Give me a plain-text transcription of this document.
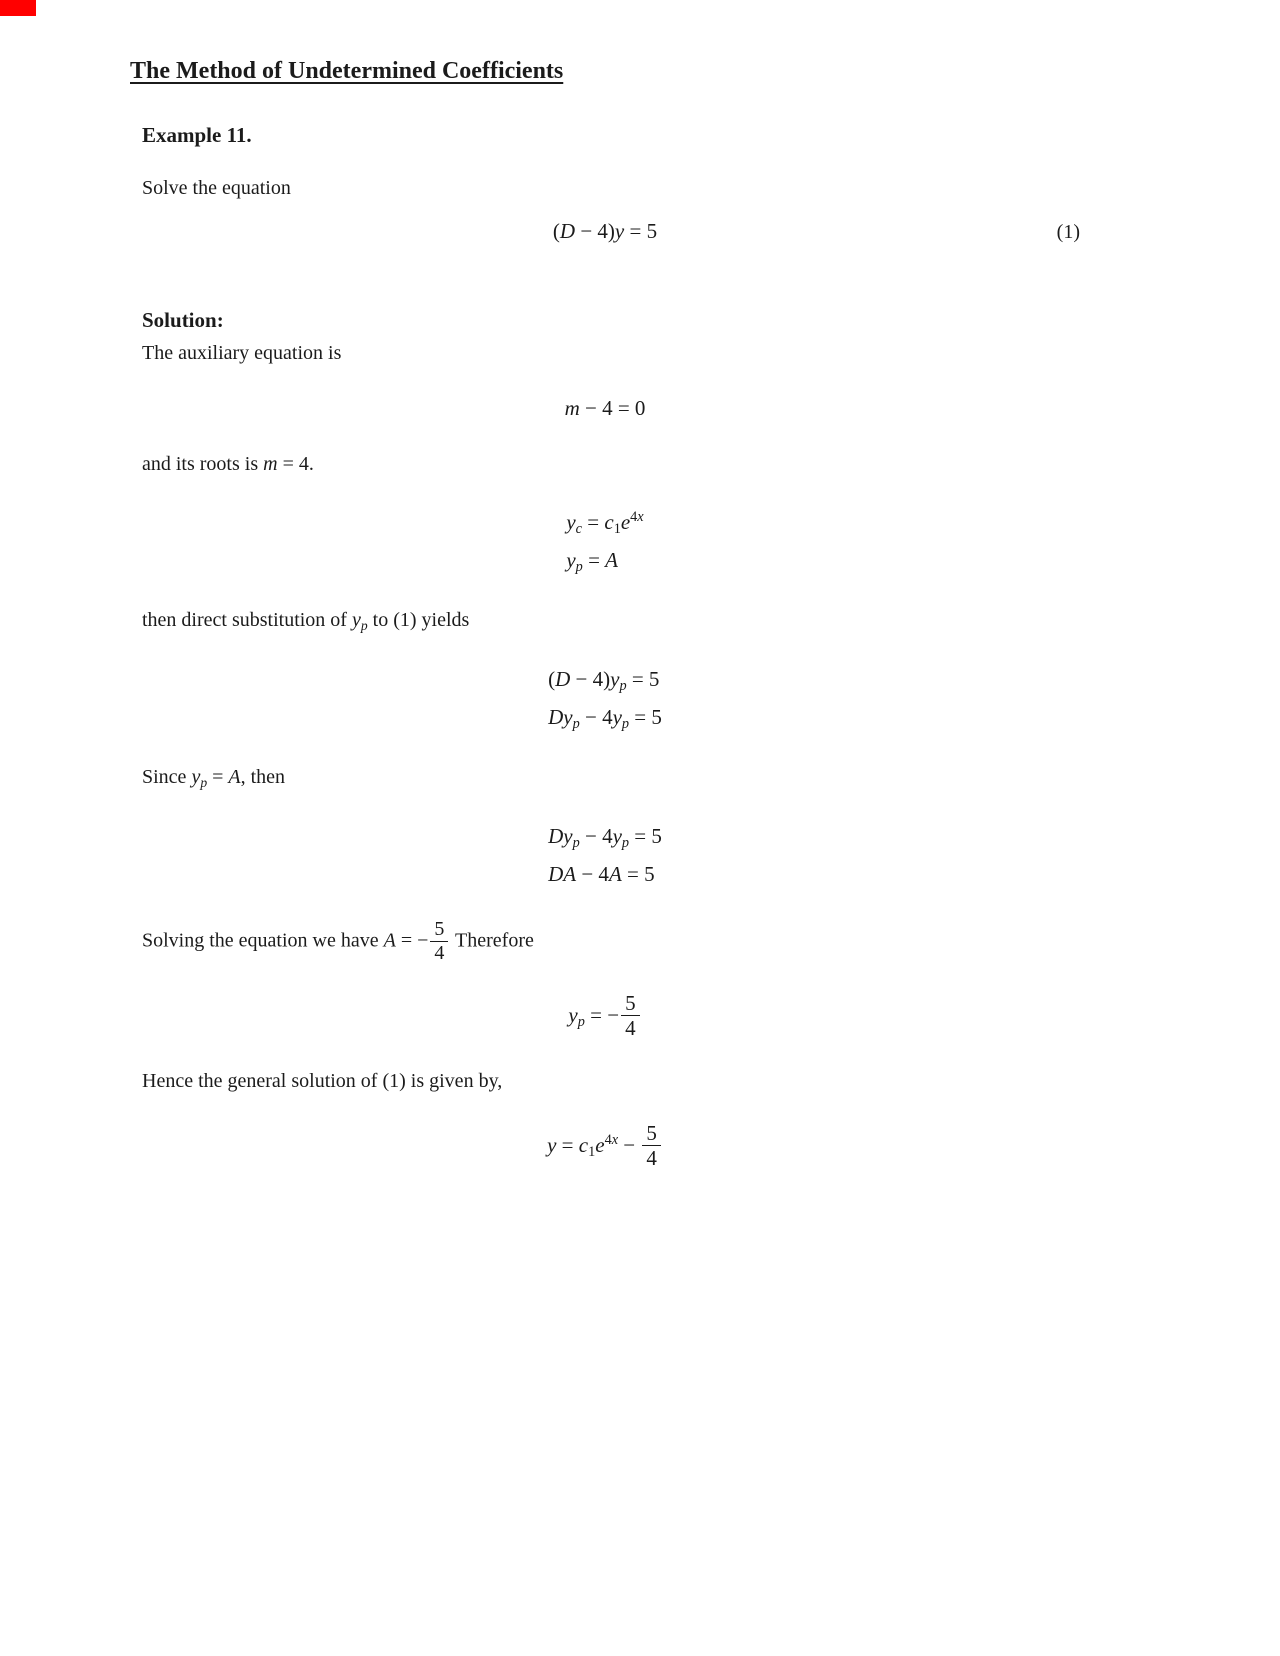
The Method of Undetermined Coefficients
Example 11.

Solve the equation

(D − 4)y = 5	(1)
Solution:

The auxiliary equation is

m − 4 = 0

and its roots is m = 4.

yc = $c1e^{4x}$
yp = A

then direct substitution of yp to (1) yields

(D − 4)yp = 5
Dyp − 4yp = 5

Since yp = A, then

Dyp − 4yp = 5
DA − 4A = 5

Solving the equation we have A = − $\frac{5}{4}$ Therefore

yp = − $\frac{5}{4}$

Hence the general solution of (1) is given by,

$y = c1e^{4x} - \frac{5}{4}$
